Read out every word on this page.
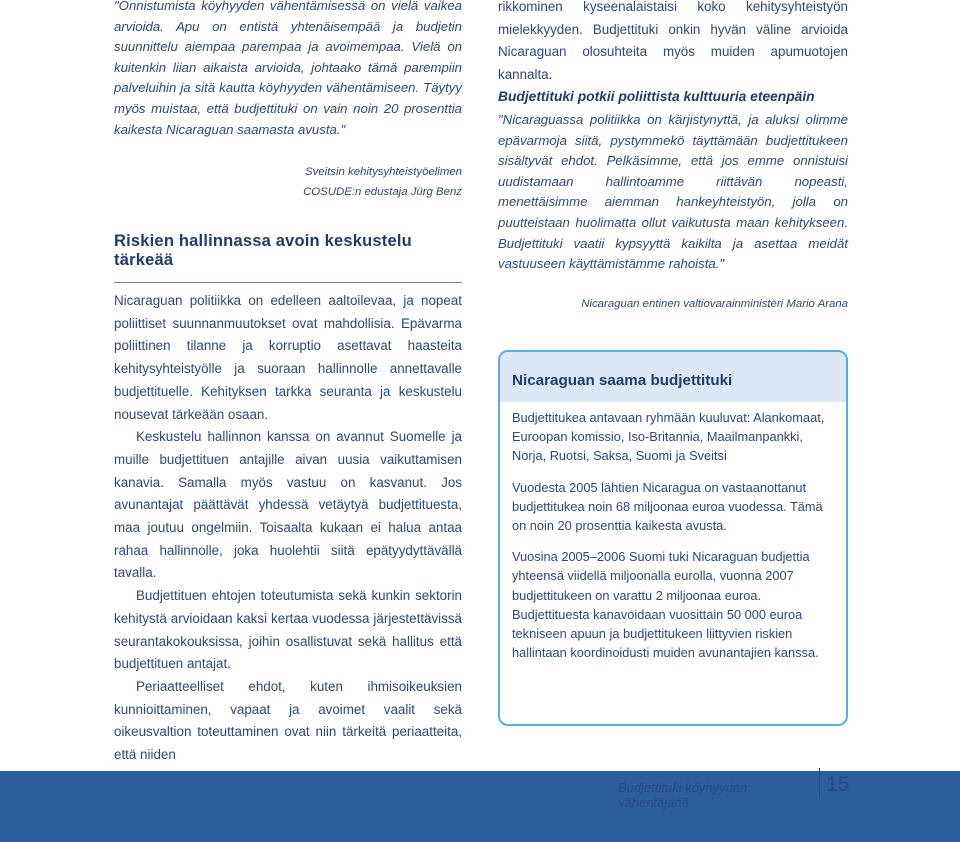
"Onnistumista köyhyyden vähentämisessä on vielä vaikea arvioida. Apu on entistä yhtenäisempää ja budjetin suunnittelu aiempaa parempaa ja avoimempaa. Vielä on kuitenkin liian aikaista arvioida, johtaako tämä parempiin palveluihin ja sitä kautta köyhyyden vähentämiseen. Täytyy myös muistaa, että budjettituki on vain noin 20 prosenttia kaikesta Nicaraguan saamasta avusta."

Sveitsin kehitysyhteistyöelimen

COSUDE:n edustaja Jürg Benz

Riskien hallinnassa avoin keskustelu tärkeää

Nicaraguan politiikka on edelleen aaltoilevaa, ja nopeat poliittiset suunnanmuutokset ovat mahdollisia. Epävarma poliittinen tilanne ja korruptio asettavat haasteita kehitysyhteistyölle ja suoraan hallinnolle annettavalle budjettituelle. Kehityksen tarkka seuranta ja keskustelu nousevat tärkeään osaan.

Keskustelu hallinnon kanssa on avannut Suomelle ja muille budjettituen antajille aivan uusia vaikuttamisen kanavia. Samalla myös vastuu on kasvanut. Jos avunantajat päättävät yhdessä vetäytyä budjettituesta, maa joutuu ongelmiin. Toisaalta kukaan ei halua antaa rahaa hallinnolle, joka huolehtii siitä epätyydyttävällä tavalla.

Budjettituen ehtojen toteutumista sekä kunkin sektorin kehitystä arvioidaan kaksi kertaa vuodessa järjestettävissä seurantakokouksissa, joihin osallistuvat sekä hallitus että budjettituen antajat.

Periaatteelliset ehdot, kuten ihmisoikeuksien kunnioittaminen, vapaat ja avoimet vaalit sekä oikeusvaltion toteuttaminen ovat niin tärkeitä periaatteita, että niiden

rikkominen kyseenalaistaisi koko kehitysyhteistyön mielekkyyden. Budjettituki onkin hyvän väline arvioida Nicaraguan olosuhteita myös muiden apumuotojen kannalta.

Budjettituki potkii poliittista kulttuuria eteenpäin

"Nicaraguassa politiikka on kärjistynyttä, ja aluksi olimme epävarmoja siitä, pystymmekö täyttämään budjettitukeen sisältyvät ehdot. Pelkäsimme, että jos emme onnistuisi uudistamaan hallintoamme riittävän nopeasti, menettäisimme aiemman hankeyhteistyön, jolla on puutteistaan huolimatta ollut vaikutusta maan kehitykseen. Budjettituki vaatii kypsyyttä kaikilta ja asettaa meidät vastuuseen käyttämistämme rahoista."

Nicaraguan entinen valtiovarainministeri Mario Arana

Nicaraguan saama budjettituki

Budjettitukea antavaan ryhmään kuuluvat: Alankomaat, Euroopan komissio, Iso-Britannia, Maailmanpankki, Norja, Ruotsi, Saksa, Suomi ja Sveitsi

Vuodesta 2005 lähtien Nicaragua on vastaanottanut budjettitukea noin 68 miljoonaa euroa vuodessa. Tämä on noin 20 prosenttia kaikesta avusta.

Vuosina 2005–2006 Suomi tuki Nicaraguan budjettia yhteensä viidellä miljoonalla eurolla, vuonna 2007 budjettitukeen on varattu 2 miljoonaa euroa. Budjettituesta kanavoidaan vuosittain 50 000 euroa tekniseen apuun ja budjettitukeen liittyvien riskien hallintaan koordinoidusti muiden avunantajien kanssa.

Budjettituki köyhyyden vähentäjänä

15
